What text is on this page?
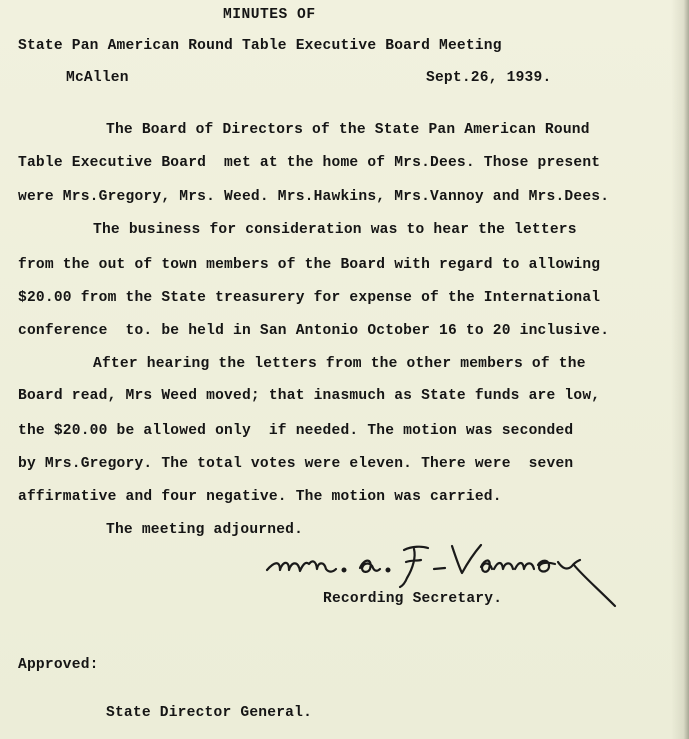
MINUTES OF
State Pan American Round Table Executive Board Meeting
McAllen	Sept.26, 1939.
The Board of Directors of the State Pan American Round
Table Executive Board  met at the home of Mrs.Dees. Those present
were Mrs.Gregory, Mrs. Weed. Mrs.Hawkins, Mrs.Vannoy and Mrs.Dees.
The business for consideration was to hear the letters
from the out of town members of the Board with regard to allowing
$20.00 from the State treasurery for expense of the International
conference  to. be held in San Antonio October 16 to 20 inclusive.
After hearing the letters from the other members of the
Board read, Mrs Weed moved; that inasmuch as State funds are low,
the $20.00 be allowed only  if needed. The motion was seconded
by Mrs.Gregory. The total votes were eleven. There were  seven
affirmative and four negative. The motion was carried.
The meeting adjourned.
Recording Secretary.
Approved:
State Director General.
